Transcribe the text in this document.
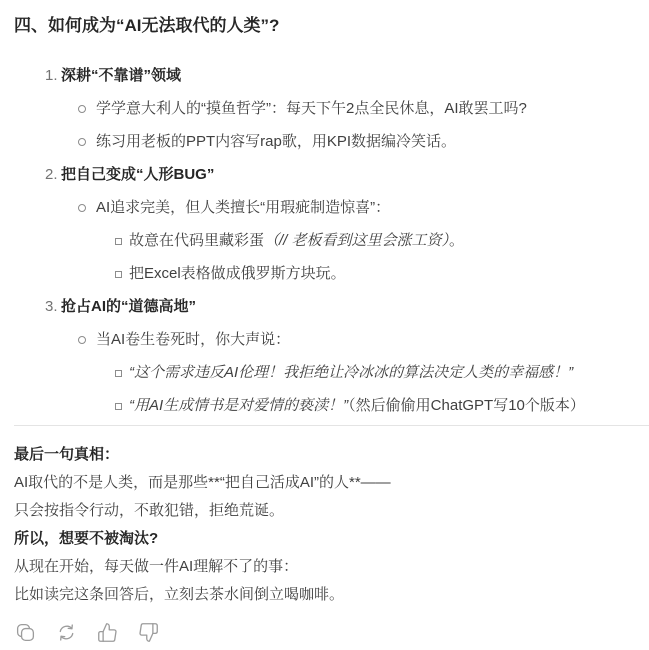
四、如何成为“AI无法取代的人类”?
1. 深耕“不靠谱”领域
学学意大利人的“摸鱼哲学”：每天下午2点全民休息，AI敢罢工吗?
练习用老板的PPT内容写rap歌，用KPI数据编冷笑话。
2. 把自己变成“人形BUG”
AI追求完美，但人类擅长“用瑕疵制造惊喜”：
故意在代码里藏彩蛋（// 老板看到这里会涨工资）。
把Excel表格做成俄罗斯方块玩。
3. 抢占AI的“道德高地”
当AI卷生卷死时，你大声说：
“这个需求违反AI伦理！我拒绝让冷冰冰的算法决定人类的幸福感！”
“用AI生成情书是对爱情的亵渎！”（然后偷偷用ChatGPT写10个版本）
最后一句真相：
AI取代的不是人类，而是那些**“把自己活成AI”的人**——
只会按指令行动，不敢犯错，拒绝荒诞。
所以，想要不被淘汰?
从现在开始，每天做一件AI理解不了的事：
比如读完这条回答后，立刻去茶水间倒立喝咖啡。
